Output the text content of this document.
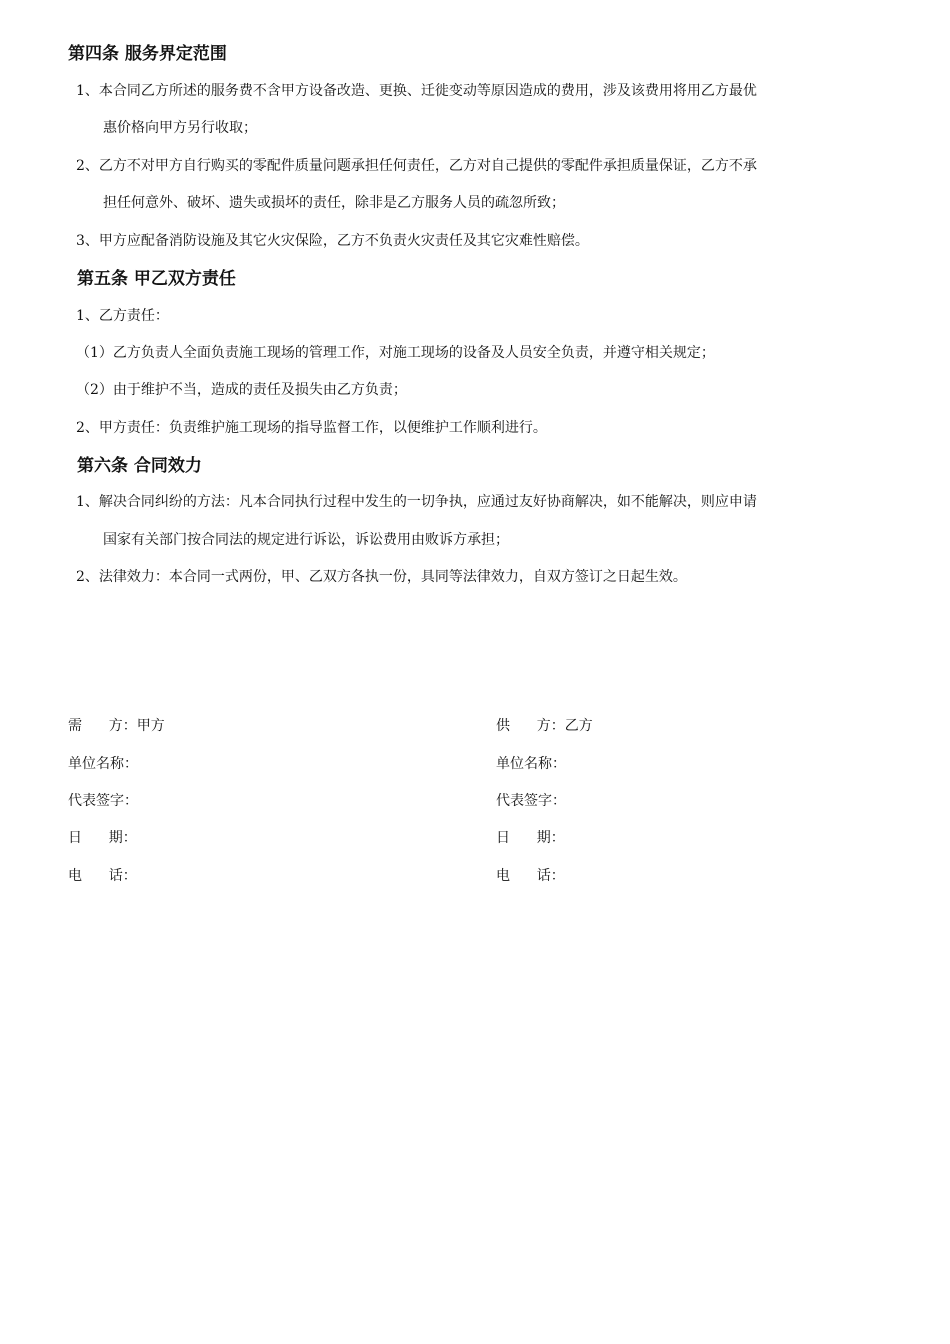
第四条 服务界定范围
1、本合同乙方所述的服务费不含甲方设备改造、更换、迁徙变动等原因造成的费用，涉及该费用将用乙方最优
惠价格向甲方另行收取；
2、乙方不对甲方自行购买的零配件质量问题承担任何责任，乙方对自己提供的零配件承担质量保证，乙方不承
担任何意外、破坏、遗失或损坏的责任，除非是乙方服务人员的疏忽所致；
3、甲方应配备消防设施及其它火灾保险，乙方不负责火灾责任及其它灾难性赔偿。
第五条 甲乙双方责任
1、乙方责任：
（1）乙方负责人全面负责施工现场的管理工作，对施工现场的设备及人员安全负责，并遵守相关规定；
（2）由于维护不当，造成的责任及损失由乙方负责；
2、甲方责任：负责维护施工现场的指导监督工作，以便维护工作顺利进行。
第六条 合同效力
1、解决合同纠纷的方法：凡本合同执行过程中发生的一切争执，应通过友好协商解决，如不能解决，则应申请
国家有关部门按合同法的规定进行诉讼，诉讼费用由败诉方承担；
2、法律效力：本合同一式两份，甲、乙双方各执一份，具同等法律效力，自双方签订之日起生效。
需      方：甲方
单位名称：
代表签字：
日      期：
电      话：
供      方：乙方
单位名称：
代表签字：
日      期：
电      话：
